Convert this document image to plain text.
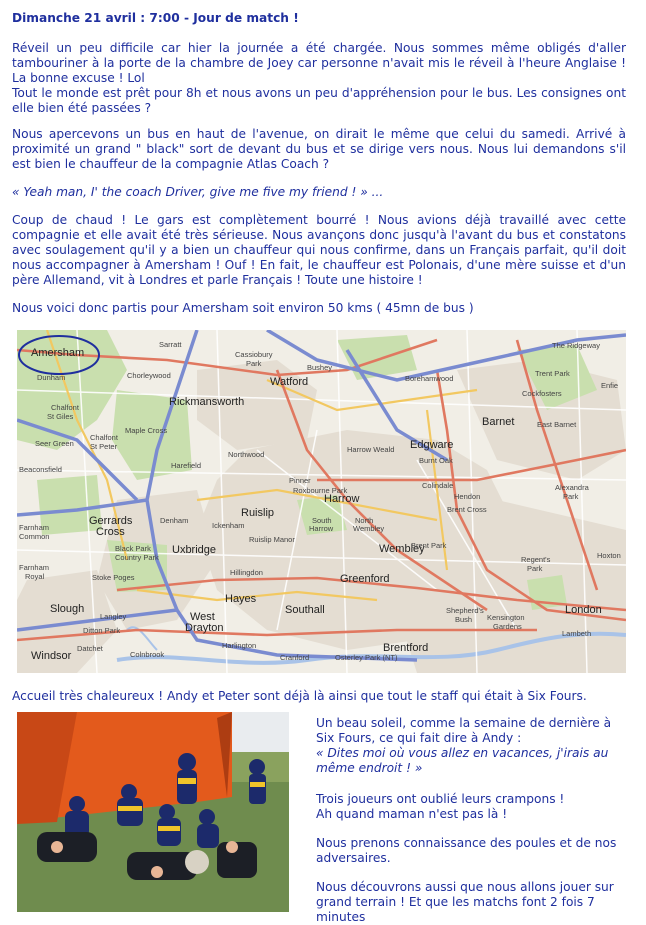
Dimanche 21 avril : 7:00 - Jour de match !

Réveil un peu difficile car hier la journée a été chargée. Nous sommes même obligés d'aller tambouriner à la porte de la chambre de Joey car personne n'avait mis le réveil à l'heure Anglaise ! La bonne excuse ! Lol

Tout le monde est prêt pour 8h et nous avons un peu d'appréhension pour le bus. Les consignes ont elle bien été passées ?

Nous apercevons un bus en haut de l'avenue, on dirait le même que celui du samedi. Arrivé à proximité un grand " black" sort de devant du bus et se dirige vers nous. Nous lui demandons s'il est bien le chauffeur de la compagnie Atlas Coach ?

« Yeah man, I' the coach Driver, give me five my friend ! » ...

Coup de chaud ! Le gars est complètement bourré ! Nous avions déjà travaillé avec cette compagnie et elle avait été très sérieuse. Nous avançons donc jusqu'à l'avant du bus et constatons avec soulagement qu'il y a bien un chauffeur qui nous confirme, dans un Français parfait, qu'il doit nous accompagner à Amersham ! Ouf ! En fait, le chauffeur est Polonais, d'une mère suisse et d'un père Allemand, vit à Londres et parle Français ! Toute une histoire !

Nous voici donc partis pour Amersham soit environ 50 kms ( 45mn de bus )

Amersham
Watford
Barnet
Edgware
Harrow
Wembley
Uxbridge
Greenford
Southall
Slough	London
West
Drayton
Rickmansworth
Windsor
Brentford
Ruislip
Hayes
Gerrards
Cross
Sarratt
Chorleywood
Cassiobury
Park	Bushey
Borehamwood
Trent Park
Cockfosters
East Barnet
Enfie
Chalfont
St Giles
Seer Green
Chalfont
St Peter
Maple Cross
Harefield
Northwood
Pinner
Roxbourne Park
Burnt Oak
Colindale
Hendon
Brent Cross
Brent Park
Alexandra
Park
South
Harrow
North
Wembley
Denham
Ickenham
Hillingdon
Farnham
Royal
Farnham
Common
Black Park
Country Park
Stoke Poges
Langley
Ditton Park
Datchet
Colnbrook
Harlington
Cranford	Osterley Park (NT)
Shepherd's
Bush Kensington
Gardens
Regent's
Park
Lambeth
Hoxton
Dunham
Beaconsfield
Harrow Weald
The Ridgeway
Ruislip Manor

Accueil très chaleureux ! Andy et Peter sont déjà là ainsi que tout le staff qui était à Six Fours.

Un beau soleil, comme la semaine de dernière à Six Fours, ce qui fait dire à Andy :

« Dites moi où vous allez en vacances, j'irais au même endroit ! »

Trois joueurs ont oublié leurs crampons !

Ah quand maman n'est pas là !

Nous prenons connaissance des poules et de nos adversaires.

Nous découvrons aussi que nous allons jouer sur grand terrain ! Et que les matchs font 2 fois 7 minutes
